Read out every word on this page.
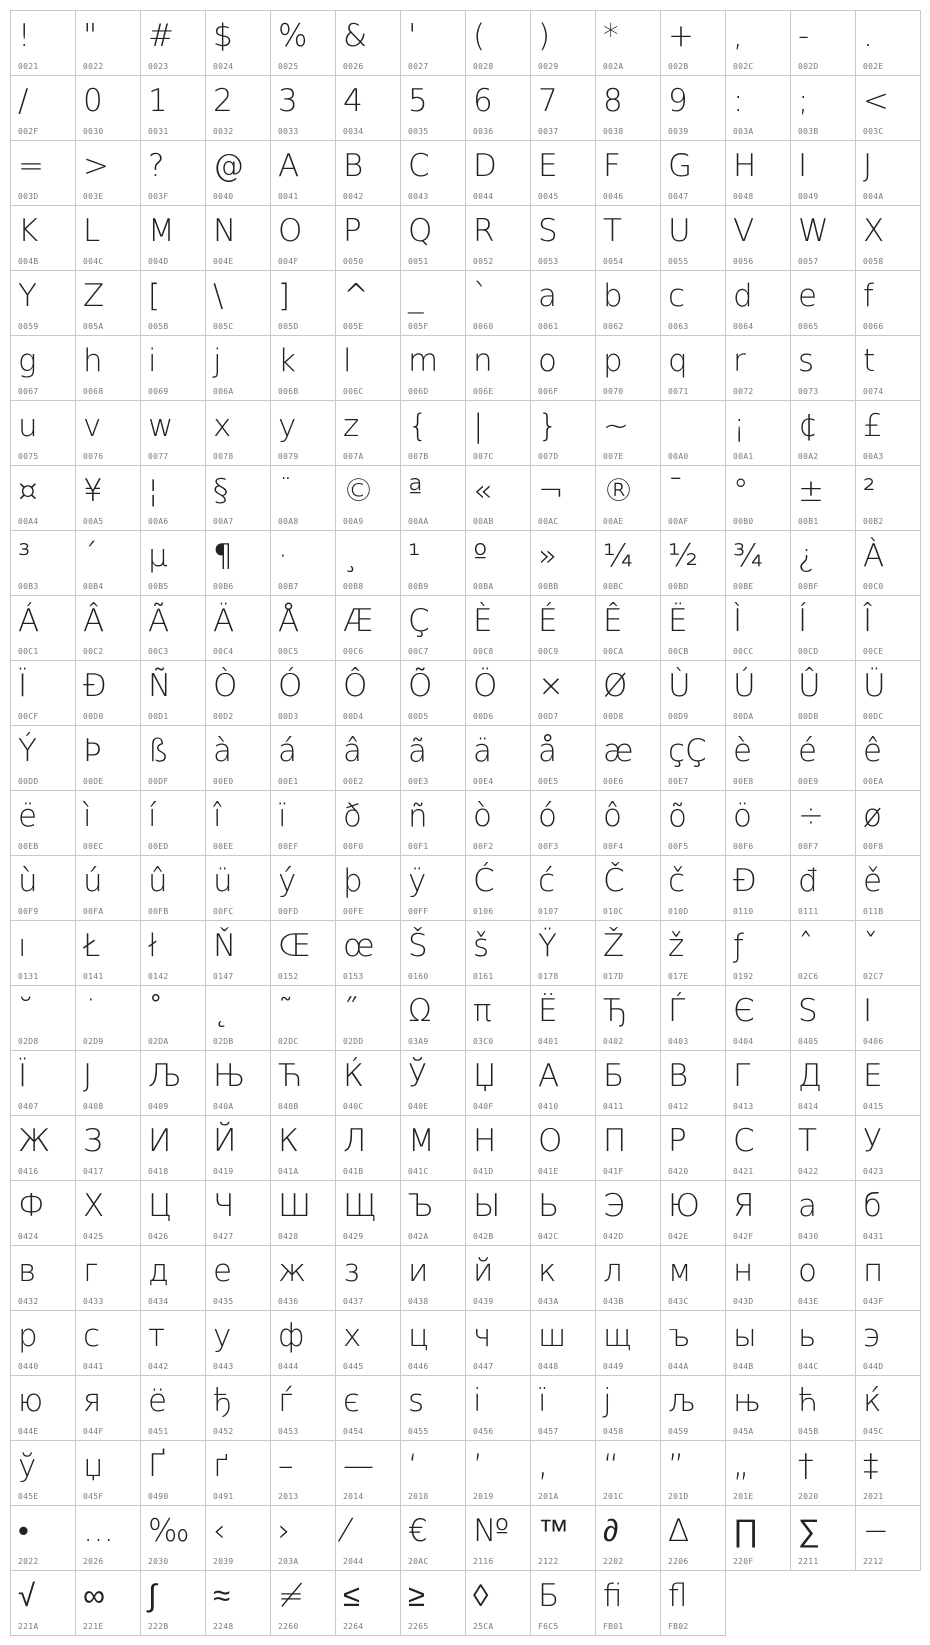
!
0021
"
0022
#
0023
$
0024
%
0025
&
0026
'
0027
(
0028
)
0029
*
002A
+
002B
,
002C
-
002D
.
002E
/
002F
0
0030
1
0031
2
0032
3
0033
4
0034
5
0035
6
0036
7
0037
8
0038
9
0039
:
003A
;
003B
<
003C
=
003D
>
003E
?
003F
@
0040
A
0041
B
0042
C
0043
D
0044
E
0045
F
0046
G
0047
H
0048
I
0049
J
004A
K
004B
L
004C
M
004D
N
004E
O
004F
P
0050
Q
0051
R
0052
S
0053
T
0054
U
0055
V
0056
W
0057
X
0058
Y
0059
Z
005A
[
005B
\
005C
]
005D
^
005E
_
005F
`
0060
a
0061
b
0062
c
0063
d
0064
e
0065
f
0066
g
0067
h
0068
i
0069
j
006A
k
006B
l
006C
m
006D
n
006E
o
006F
p
0070
q
0071
r
0072
s
0073
t
0074
u
0075
v
0076
w
0077
x
0078
y
0079
z
007A
{
007B
|
007C
}
007D
~
007E	00A0
¡
00A1
¢
00A2
£
00A3
¤
00A4
¥
00A5
¦
00A6
§
00A7
¨
00A8
©
00A9
ª
00AA
«
00AB
¬
00AC
®
00AE
¯
00AF
°
00B0
±
00B1
²
00B2
³
00B3
´
00B4
µ
00B5
¶
00B6
·
00B7
¸
00B8
¹
00B9
º
00BA
»
00BB
¼
00BC
½
00BD
¾
00BE
¿
00BF
À
00C0
Á
00C1
Â
00C2
Ã
00C3
Ä
00C4
Å
00C5
Æ
00C6
Ç
00C7
È
00C8
É
00C9
Ê
00CA
Ë
00CB
Ì
00CC
Í
00CD
Î
00CE
Ï
00CF
Ð
00D0
Ñ
00D1
Ò
00D2
Ó
00D3
Ô
00D4
Õ
00D5
Ö
00D6
×
00D7
Ø
00D8
Ù
00D9
Ú
00DA
Û
00DB
Ü
00DC
Ý
00DD
Þ
00DE
ß
00DF
à
00E0
á
00E1
â
00E2
ã
00E3
ä
00E4
å
00E5
æ
00E6
çÇ
00E7
è
00E8
é
00E9
ê
00EA
ë
00EB
ì
00EC
í
00ED
î
00EE
ï
00EF
ð
00F0
ñ
00F1
ò
00F2
ó
00F3
ô
00F4
õ
00F5
ö
00F6
÷
00F7
ø
00F8
ù
00F9
ú
00FA
û
00FB
ü
00FC
ý
00FD
þ
00FE
ÿ
00FF
Ć
0106
ć
0107
Č
010C
č
010D
Đ
0110
đ
0111
ě
011B
ı
0131
Ł
0141
ł
0142
Ň
0147
Œ
0152
œ
0153
Š
0160
š
0161
Ÿ
0178
Ž
017D
ž
017E
ƒ
0192
ˆ
02C6
ˇ
02C7
˘
02D8
˙
02D9
˚
02DA
˛
02DB
˜
02DC
˝
02DD
Ω
03A9
π
03C0
Ё
0401
Ђ
0402
Ѓ
0403
Є
0404
Ѕ
0405
І
0406
Ї
0407
Ј
0408
Љ
0409
Њ
040A
Ћ
040B
Ќ
040C
Ў
040E
Џ
040F
А
0410
Б
0411
В
0412
Г
0413
Д
0414
Е
0415
Ж
0416
З
0417
И
0418
Й
0419
К
041A
Л
041B
М
041C
Н
041D
О
041E
П
041F
Р
0420
С
0421
Т
0422
У
0423
Ф
0424
Х
0425
Ц
0426
Ч
0427
Ш
0428
Щ
0429
Ъ
042A
Ы
042B
Ь
042C
Э
042D
Ю
042E
Я
042F
а
0430
б
0431
в
0432
г
0433
д
0434
е
0435
ж
0436
з
0437
и
0438
й
0439
к
043A
л
043B
м
043C
н
043D
о
043E
п
043F
р
0440
с
0441
т
0442
у
0443
ф
0444
х
0445
ц
0446
ч
0447
ш
0448
щ
0449
ъ
044A
ы
044B
ь
044C
э
044D
ю
044E
я
044F
ё
0451
ђ
0452
ѓ
0453
є
0454
ѕ
0455
і
0456
ї
0457
ј
0458
љ
0459
њ
045A
ћ
045B
ќ
045C
ў
045E
џ
045F
Ґ
0490
ґ
0491
–
2013
—
2014
‘
2018
’
2019
‚
201A
“
201C
”
201D
„
201E
†
2020
‡
2021
•
2022
…
2026
‰
2030
‹
2039
›
203A
⁄
2044
€
20AC
№
2116
™
2122
∂
2202
∆
2206
∏
220F
∑
2211
−
2212
√
221A
∞
221E
∫
222B
≈
2248
≠
2260
≤
2264
≥
2265
◊
25CA
Б
F6C5
ﬁ
FB01
ﬂ
FB02
